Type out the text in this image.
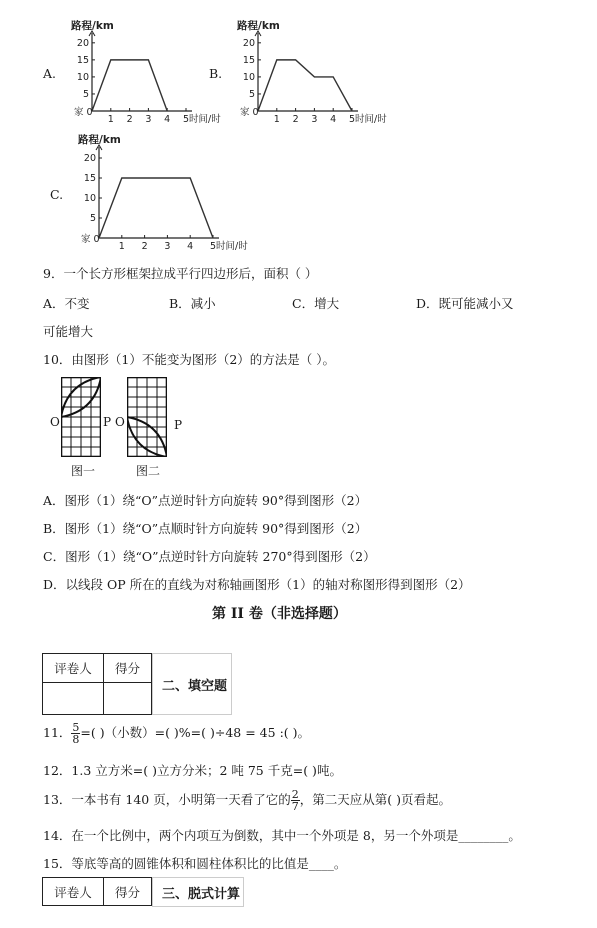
A.
路程/km
家 0
5
10
15
20
1 2 3 4 5 时间/时
B.
路程/km
家 0
5
10
15
20
1 2 3 4 5 时间/时
C.
路程/km
家 0
5
10
15
20
1 2 3 4 5 时间/时
9．一个长方形框架拉成平行四边形后，面积（ ）
A．不变	B．减小	C．增大	D．既可能减小又
可能增大
10．由图形（1）不能变为图形（2）的方法是（ ）。
O	P
图一
O	P
图二
A．图形（1）绕“O”点逆时针方向旋转 90°得到图形（2）
B．图形（1）绕“O”点顺时针方向旋转 90°得到图形（2）
C．图形（1）绕“O”点逆时针方向旋转 270°得到图形（2）
D．以线段 OP 所在的直线为对称轴画图形（1）的轴对称图形得到图形（2）
第 II 卷（非选择题）
评卷人	得分

二、填空题
11． $\frac{5}{8}$ =( )（小数）=( )%=( )÷48 = 45 :( )。
12．1.3 立方米=( )立方分米；2 吨 75 千克=( )吨。
13．一本书有 140 页，小明第一天看了它的 $\frac{2}{7}$ ，第二天应从第( )页看起。
14．在一个比例中，两个内项互为倒数，其中一个外项是 8，另一个外项是________。
15．等底等高的圆锥体积和圆柱体积比的比值是____。
评卷人	得分	三、脱式计算
